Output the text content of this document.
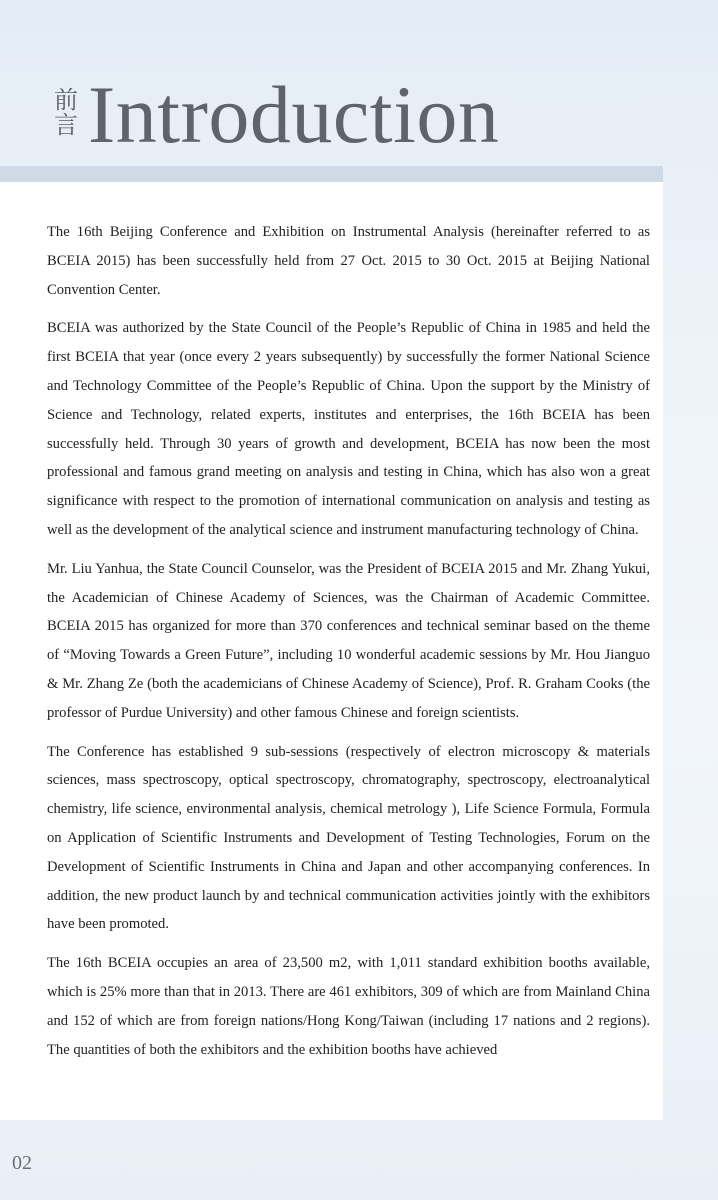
前
言 Introduction

The 16th Beijing Conference and Exhibition on Instrumental Analysis (hereinafter referred to as BCEIA 2015) has been successfully held from 27 Oct. 2015 to 30 Oct. 2015 at Beijing National Convention Center.

BCEIA was authorized by the State Council of the People’s Republic of China in 1985 and held the first BCEIA that year (once every 2 years subsequently) by successfully the former National Science and Technology Committee of the People’s Republic of China. Upon the support by the Ministry of Science and Technology, related experts, institutes and enterprises, the 16th BCEIA has been successfully held. Through 30 years of growth and development, BCEIA has now been the most professional and famous grand meeting on analysis and testing in China, which has also won a great significance with respect to the promotion of international communication on analysis and testing as well as the development of the analytical science and instrument manufacturing technology of China.

Mr. Liu Yanhua, the State Council Counselor, was the President of BCEIA 2015 and Mr. Zhang Yukui, the Academician of Chinese Academy of Sciences, was the Chairman of Academic Committee. BCEIA 2015 has organized for more than 370 conferences and technical seminar based on the theme of “Moving Towards a Green Future”, including 10 wonderful academic sessions by Mr. Hou Jianguo & Mr. Zhang Ze (both the academicians of Chinese Academy of Science), Prof. R. Graham Cooks (the professor of Purdue University) and other famous Chinese and foreign scientists.

The Conference has established 9 sub-sessions (respectively of electron microscopy & materials sciences, mass spectroscopy, optical spectroscopy, chromatography, spectroscopy, electroanalytical chemistry, life science, environmental analysis, chemical metrology ), Life Science Formula, Formula on Application of Scientific Instruments and Development of Testing Technologies, Forum on the Development of Scientific Instruments in China and Japan and other accompanying conferences. In addition, the new product launch by and technical communication activities jointly with the exhibitors have been promoted.

The 16th BCEIA occupies an area of 23,500 m2, with 1,011 standard exhibition booths available, which is 25% more than that in 2013. There are 461 exhibitors, 309 of which are from Mainland China and 152 of which are from foreign nations/Hong Kong/Taiwan (including 17 nations and 2 regions). The quantities of both the exhibitors and the exhibition booths have achieved

02
